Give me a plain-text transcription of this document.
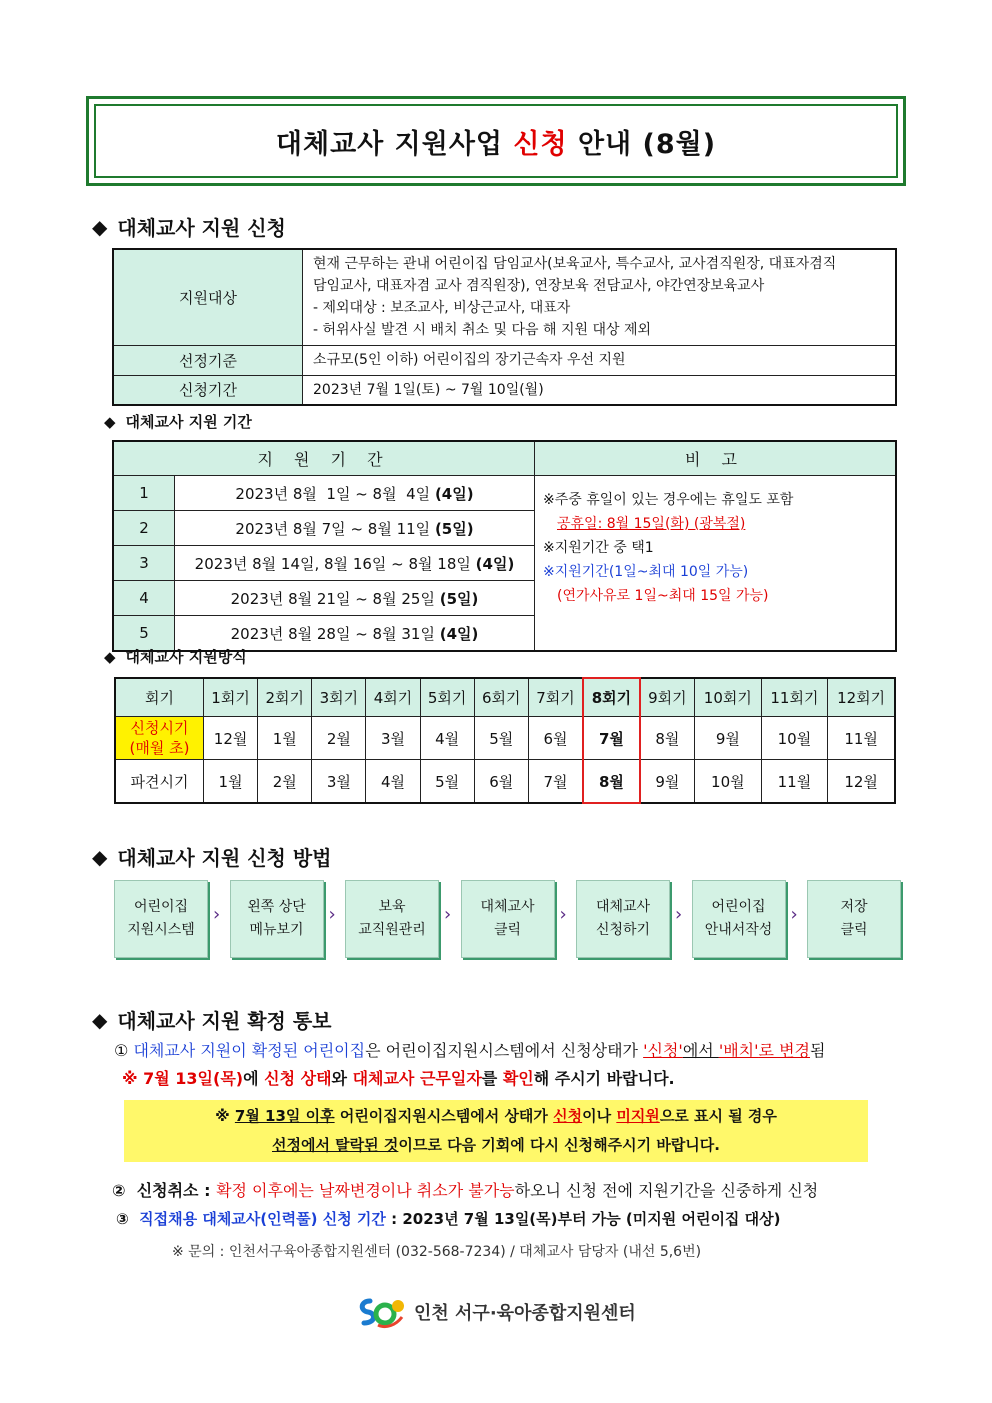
대체교사 지원사업 신청 안내 (8월)
◆ 대체교사 지원 신청
지원대상	현재 근무하는 관내 어린이집 담임교사(보육교사, 특수교사, 교사겸직원장, 대표자겸직
담임교사, 대표자겸 교사 겸직원장), 연장보육 전담교사, 야간연장보육교사
- 제외대상 : 보조교사, 비상근교사, 대표자
- 허위사실 발견 시 배치 취소 및 다음 해 지원 대상 제외

선정기준	소규모(5인 이하) 어린이집의 장기근속자 우선 지원
신청기간	2023년 7월 1일(토) ~ 7월 10일(월)
◆ 대체교사 지원 기간
지 원 기 간		비 고
1	2023년 8월  1일 ~ 8월  4일 (4일)	※주중 휴일이 있는 경우에는 휴일도 포함
공휴일: 8월 15일(화) (광복절)
※지원기간 중 택1
※지원기간(1일~최대 10일 가능)
(연가사유로 1일~최대 15일 가능)

2	2023년 8월 7일 ~ 8월 11일 (5일)	
3	2023년 8월 14일, 8월 16일 ~ 8월 18일 (4일)	
4	2023년 8월 21일 ~ 8월 25일 (5일)	
5	2023년 8월 28일 ~ 8월 31일 (4일)	
◆ 대체교사 지원방식
회기	1회기	2회기	3회기	4회기	5회기	6회기	7회기	8회기	9회기	10회기	11회기	12회기

신청시기
(매월 초)	12월	1월	2월	3월	4월	5월	6월	7월	8월	9월	10월	11월
파견시기	1월	2월	3월	4월	5월	6월	7월	8월	9월	10월	11월	12월
◆ 대체교사 지원 신청 방법
어린이집
지원시스템
› 왼쪽 상단
메뉴보기
›	보육
교직원관리
› 대체교사
클릭
› 대체교사
신청하기
›	어린이집
안내서작성
›	저장
클릭
◆ 대체교사 지원 확정 통보
① 대체교사 지원이 확정된 어린이집은 어린이집지원시스템에서 신청상태가 '신청'에서 '배치'로 변경됨
※ 7월 13일(목)에 신청 상태와 대체교사 근무일자를 확인해 주시기 바랍니다.
※ 7월 13일 이후 어린이집지원시스템에서 상태가 신청이나 미지원으로 표시 될 경우
선정에서 탈락된 것이므로 다음 기회에 다시 신청해주시기 바랍니다.
②  신청취소 : 확정 이후에는 날짜변경이나 취소가 불가능하오니 신청 전에 지원기간을 신중하게 신청
③  직접채용 대체교사(인력풀) 신청 기간 : 2023년 7월 13일(목)부터 가능 (미지원 어린이집 대상)
※ 문의 : 인천서구육아종합지원센터 (032-568-7234) / 대체교사 담당자 (내선 5,6번)
인천 서구·육아종합지원센터
